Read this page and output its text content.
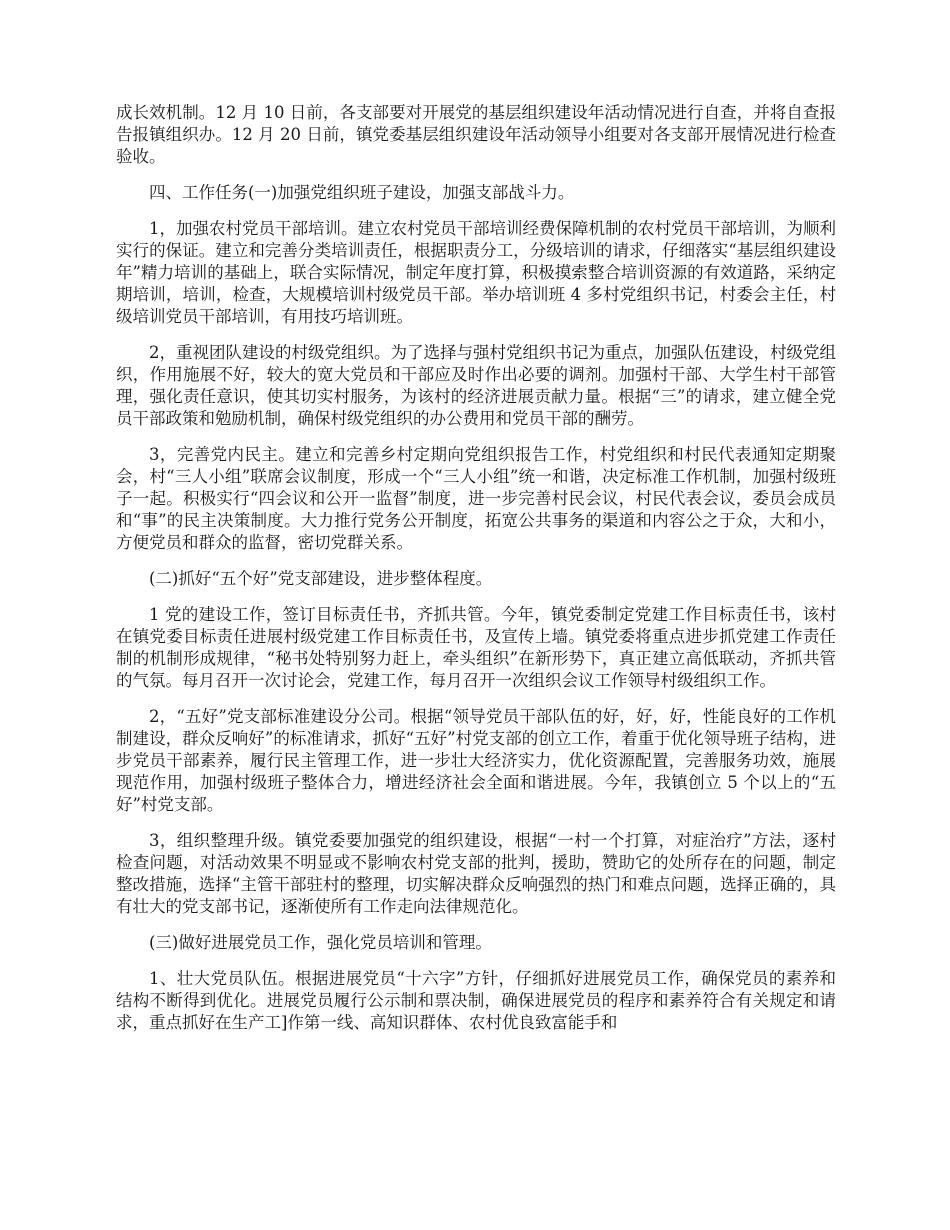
成长效机制。12 月 10 日前，各支部要对开展党的基层组织建设年活动情况进行自查，并将自查报告报镇组织办。12 月 20 日前，镇党委基层组织建设年活动领导小组要对各支部开展情况进行检查验收。

四、工作任务(一)加强党组织班子建设，加强支部战斗力。

1，加强农村党员干部培训。建立农村党员干部培训经费保障机制的农村党员干部培训，为顺利实行的保证。建立和完善分类培训责任，根据职责分工，分级培训的请求，仔细落实“基层组织建设年”精力培训的基础上，联合实际情况，制定年度打算，积极摸索整合培训资源的有效道路，采纳定期培训，培训，检查，大规模培训村级党员干部。举办培训班 4 多村党组织书记，村委会主任，村级培训党员干部培训，有用技巧培训班。

2，重视团队建设的村级党组织。为了选择与强村党组织书记为重点，加强队伍建设，村级党组织，作用施展不好，较大的宽大党员和干部应及时作出必要的调剂。加强村干部、大学生村干部管理，强化责任意识，使其切实村服务，为该村的经济进展贡献力量。根据“三”的请求，建立健全党员干部政策和勉励机制，确保村级党组织的办公费用和党员干部的酬劳。

3，完善党内民主。建立和完善乡村定期向党组织报告工作，村党组织和村民代表通知定期聚会，村“三人小组”联席会议制度，形成一个“三人小组”统一和谐，决定标准工作机制，加强村级班子一起。积极实行“四会议和公开一监督”制度，进一步完善村民会议，村民代表会议，委员会成员和“事”的民主决策制度。大力推行党务公开制度，拓宽公共事务的渠道和内容公之于众，大和小，方便党员和群众的监督，密切党群关系。

(二)抓好“五个好”党支部建设，进步整体程度。

1 党的建设工作，签订目标责任书，齐抓共管。今年，镇党委制定党建工作目标责任书，该村在镇党委目标责任进展村级党建工作目标责任书，及宣传上墙。镇党委将重点进步抓党建工作责任制的机制形成规律，“秘书处特别努力赶上，牵头组织”在新形势下，真正建立高低联动，齐抓共管的气氛。每月召开一次讨论会，党建工作，每月召开一次组织会议工作领导村级组织工作。

2，“五好”党支部标准建设分公司。根据“领导党员干部队伍的好，好，好，性能良好的工作机制建设，群众反响好”的标准请求，抓好“五好”村党支部的创立工作，着重于优化领导班子结构，进步党员干部素养，履行民主管理工作，进一步壮大经济实力，优化资源配置，完善服务功效，施展现范作用，加强村级班子整体合力，增进经济社会全面和谐进展。今年，我镇创立 5 个以上的“五好”村党支部。

3，组织整理升级。镇党委要加强党的组织建设，根据“一村一个打算，对症治疗”方法，逐村检查问题，对活动效果不明显或不影响农村党支部的批判，援助，赞助它的处所存在的问题，制定整改措施，选择“主管干部驻村的整理，切实解决群众反响强烈的热门和难点问题，选择正确的，具有壮大的党支部书记，逐渐使所有工作走向法律规范化。

(三)做好进展党员工作，强化党员培训和管理。

1、壮大党员队伍。根据进展党员“十六字”方针，仔细抓好进展党员工作，确保党员的素养和结构不断得到优化。进展党员履行公示制和票决制，确保进展党员的程序和素养符合有关规定和请求，重点抓好在生产工]作第一线、高知识群体、农村优良致富能手和
